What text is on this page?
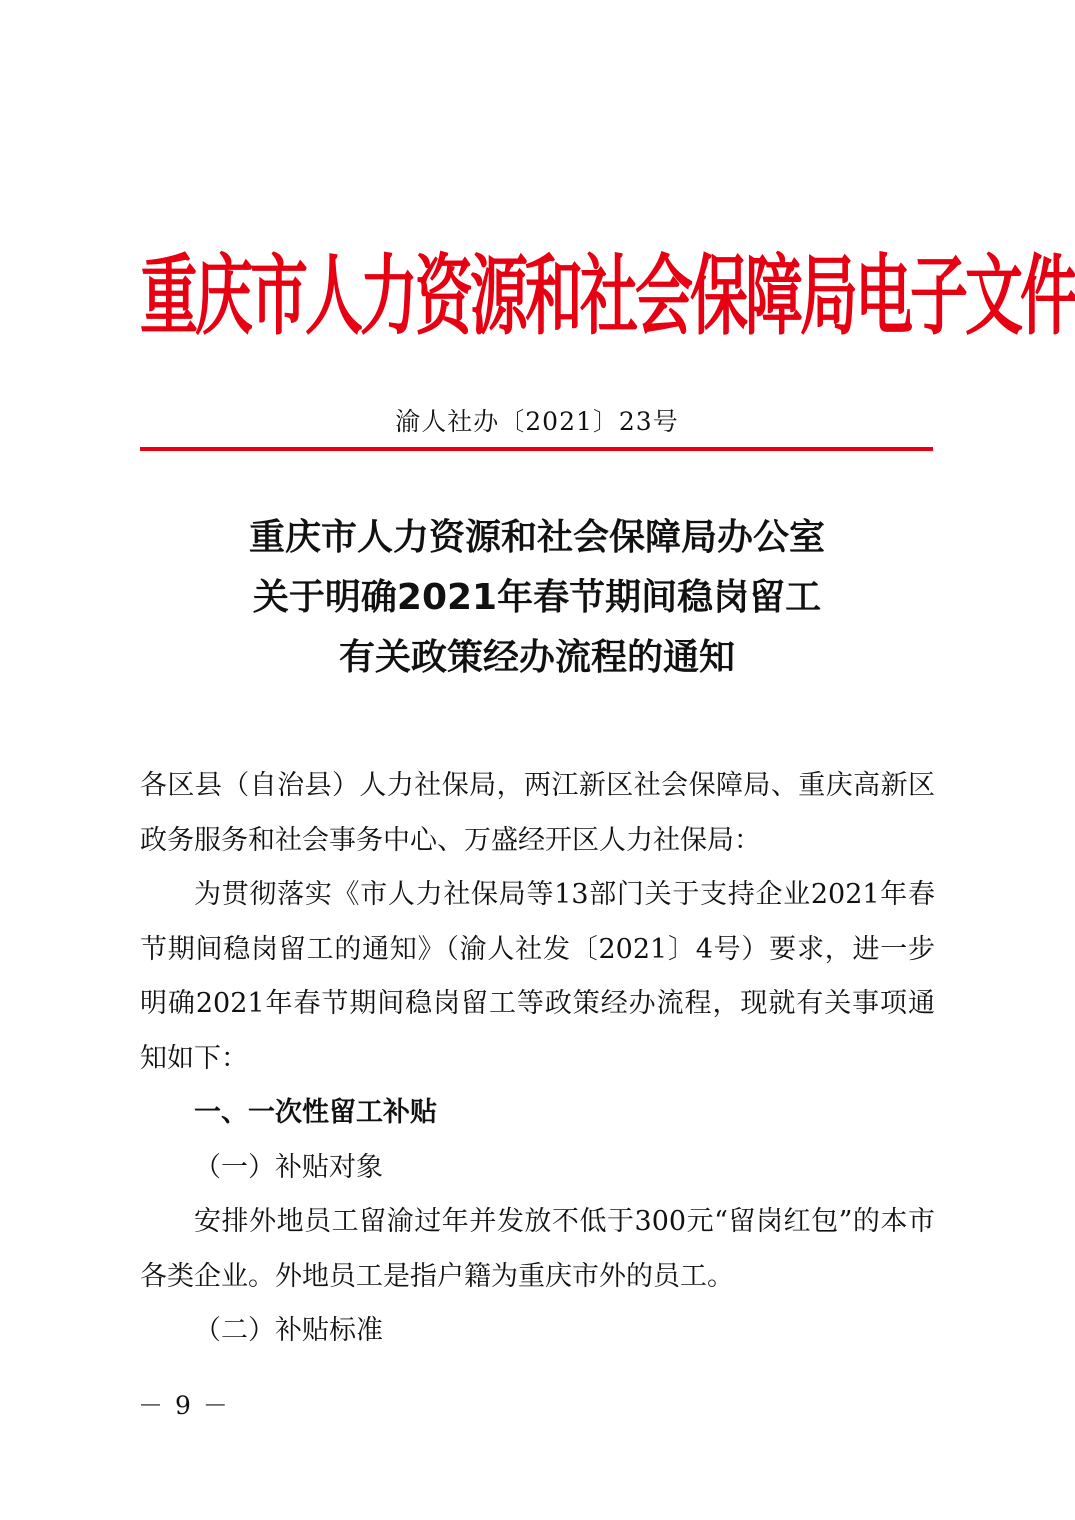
重庆市人力资源和社会保障局电子文件
渝人社办〔2021〕23号
重庆市人力资源和社会保障局办公室
关于明确2021年春节期间稳岗留工
有关政策经办流程的通知

各区县（自治县）人力社保局，两江新区社会保障局、重庆高新区政务服务和社会事务中心、万盛经开区人力社保局：

为贯彻落实《市人力社保局等13部门关于支持企业2021年春节期间稳岗留工的通知》（渝人社发〔2021〕4号）要求，进一步明确2021年春节期间稳岗留工等政策经办流程，现就有关事项通知如下：

一、一次性留工补贴

（一）补贴对象

安排外地员工留渝过年并发放不低于300元“留岗红包”的本市各类企业。外地员工是指户籍为重庆市外的员工。

（二）补贴标准

－ 9 －
